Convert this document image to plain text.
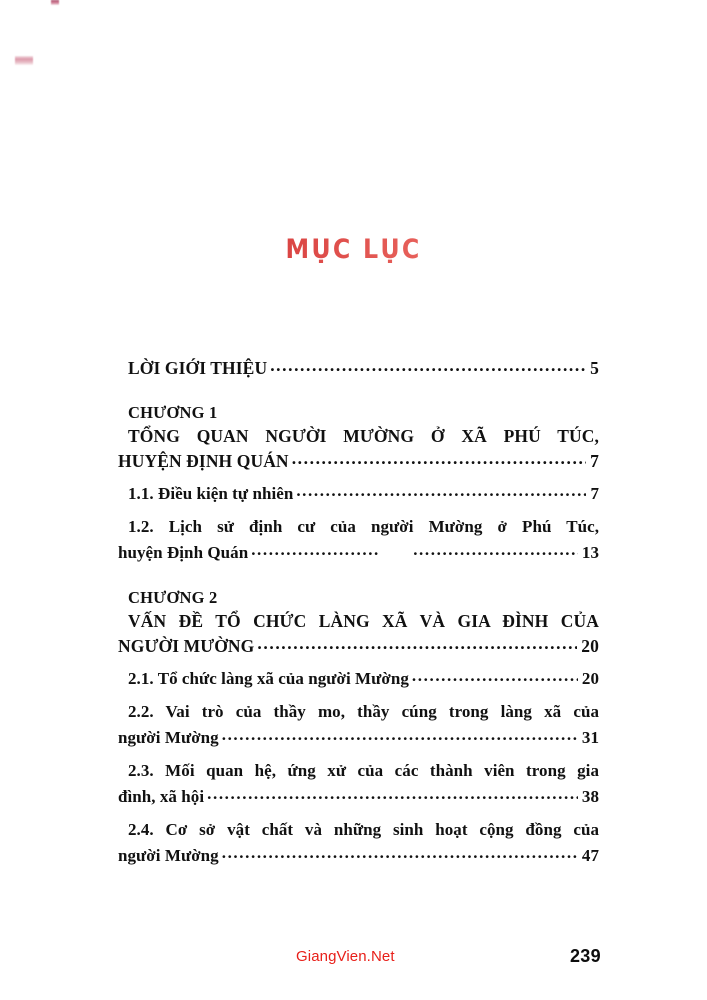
MỤC LỤC
LỜI GIỚI THIỆU .....	5
CHƯƠNG 1
TỔNG QUAN NGƯỜI MƯỜNG Ở XÃ PHÚ TÚC,
HUYỆN ĐỊNH QUÁN .....	7
1.1. Điều kiện tự nhiên .....	7
1.2. Lịch sử định cư của người Mường ở Phú Túc,
huyện Định Quán ..... .....	13
CHƯƠNG 2
VẤN ĐỀ TỔ CHỨC LÀNG XÃ VÀ GIA ĐÌNH CỦA
NGƯỜI MƯỜNG .....	20
2.1. Tổ chức làng xã của người Mường .....	20
2.2. Vai trò của thầy mo, thầy cúng trong làng xã của
người Mường .....	31
2.3. Mối quan hệ, ứng xử của các thành viên trong gia
đình, xã hội .....	38
2.4. Cơ sở vật chất và những sinh hoạt cộng đồng của
người Mường .....	47
GiangVien.Net	239
